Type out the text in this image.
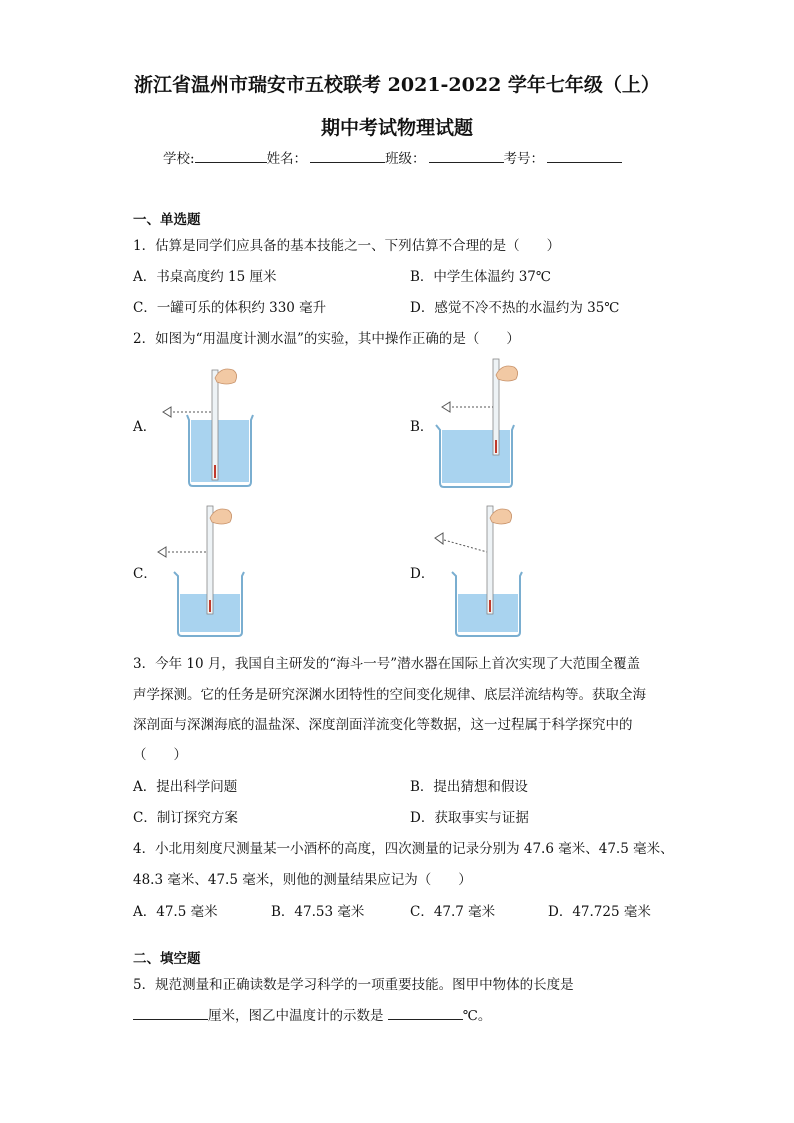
浙江省温州市瑞安市五校联考 2021-2022 学年七年级（上）
期中考试物理试题
学校:	姓名：	班级：	考号：
一、单选题
1．估算是同学们应具备的基本技能之一、下列估算不合理的是（　　）
A．书桌高度约 15 厘米	B．中学生体温约 37℃
C．一罐可乐的体积约 330 毫升	D．感觉不冷不热的水温约为 35℃
2．如图为“用温度计测水温”的实验，其中操作正确的是（　　）
A．	B．
C．	D．
3．今年 10 月，我国自主研发的“海斗一号”潜水器在国际上首次实现了大范围全覆盖
声学探测。它的任务是研究深渊水团特性的空间变化规律、底层洋流结构等。获取全海
深剖面与深渊海底的温盐深、深度剖面洋流变化等数据，这一过程属于科学探究中的
（　　）
A．提出科学问题	B．提出猜想和假设
C．制订探究方案	D．获取事实与证据
4．小北用刻度尺测量某一小酒杯的高度，四次测量的记录分别为 47.6 毫米、47.5 毫米、
48.3 毫米、47.5 毫米，则他的测量结果应记为（　　）
A．47.5 毫米	B．47.53 毫米	C．47.7 毫米	D．47.725 毫米
二、填空题
5．规范测量和正确读数是学习科学的一项重要技能。图甲中物体的长度是
厘米，图乙中温度计的示数是	℃。
